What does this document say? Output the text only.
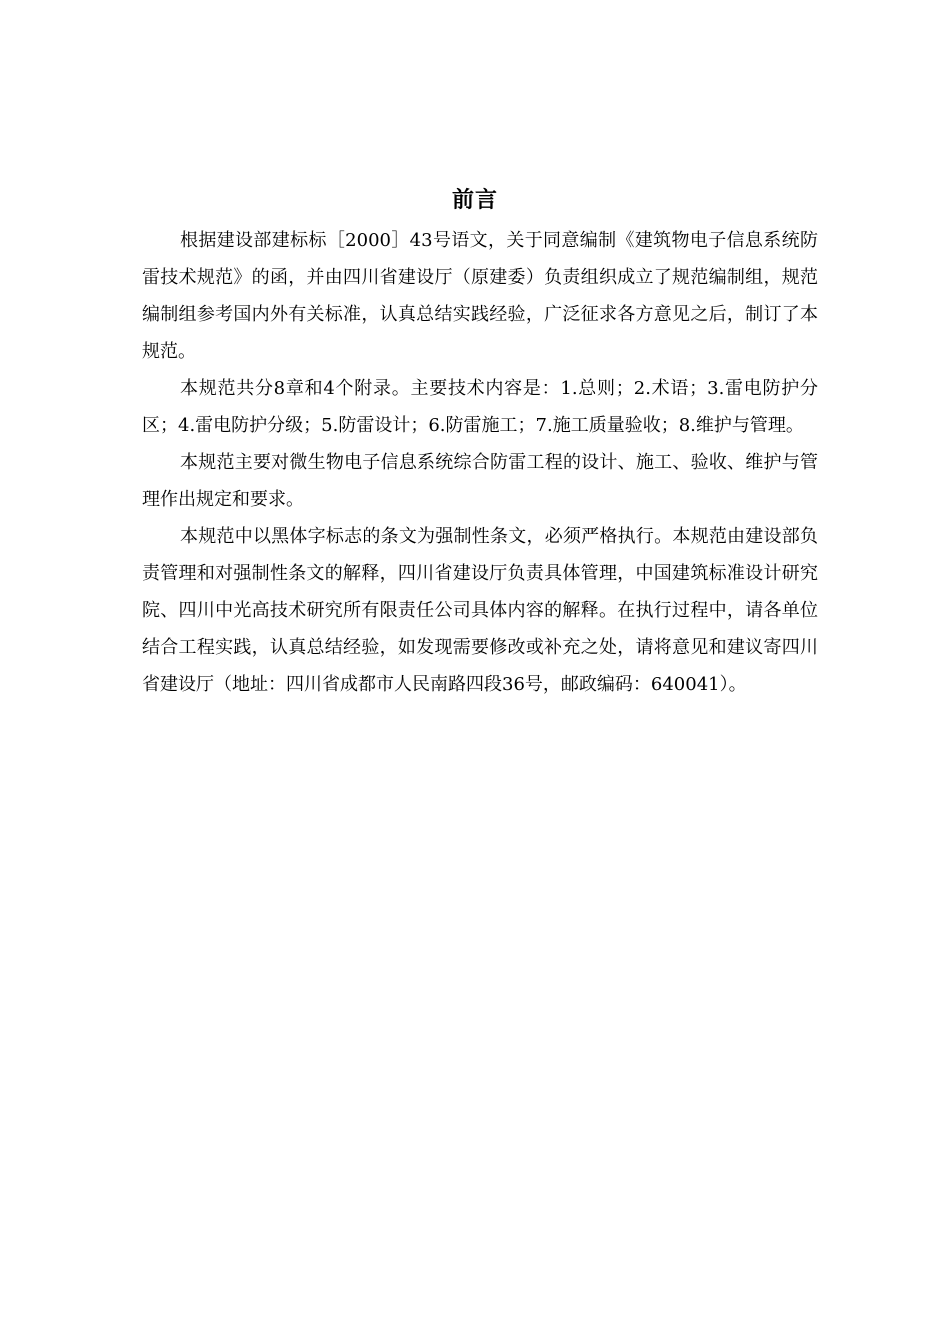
前言

根据建设部建标标［2000］43号语文，关于同意编制《建筑物电子信息系统防雷技术规范》的函，并由四川省建设厅（原建委）负责组织成立了规范编制组，规范编制组参考国内外有关标准，认真总结实践经验，广泛征求各方意见之后，制订了本规范。

本规范共分8章和4个附录。主要技术内容是：1.总则；2.术语；3.雷电防护分区；4.雷电防护分级；5.防雷设计；6.防雷施工；7.施工质量验收；8.维护与管理。

本规范主要对微生物电子信息系统综合防雷工程的设计、施工、验收、维护与管理作出规定和要求。

本规范中以黑体字标志的条文为强制性条文，必须严格执行。本规范由建设部负责管理和对强制性条文的解释，四川省建设厅负责具体管理，中国建筑标准设计研究院、四川中光高技术研究所有限责任公司具体内容的解释。在执行过程中，请各单位结合工程实践，认真总结经验，如发现需要修改或补充之处，请将意见和建议寄四川省建设厅（地址：四川省成都市人民南路四段36号，邮政编码：640041）。
